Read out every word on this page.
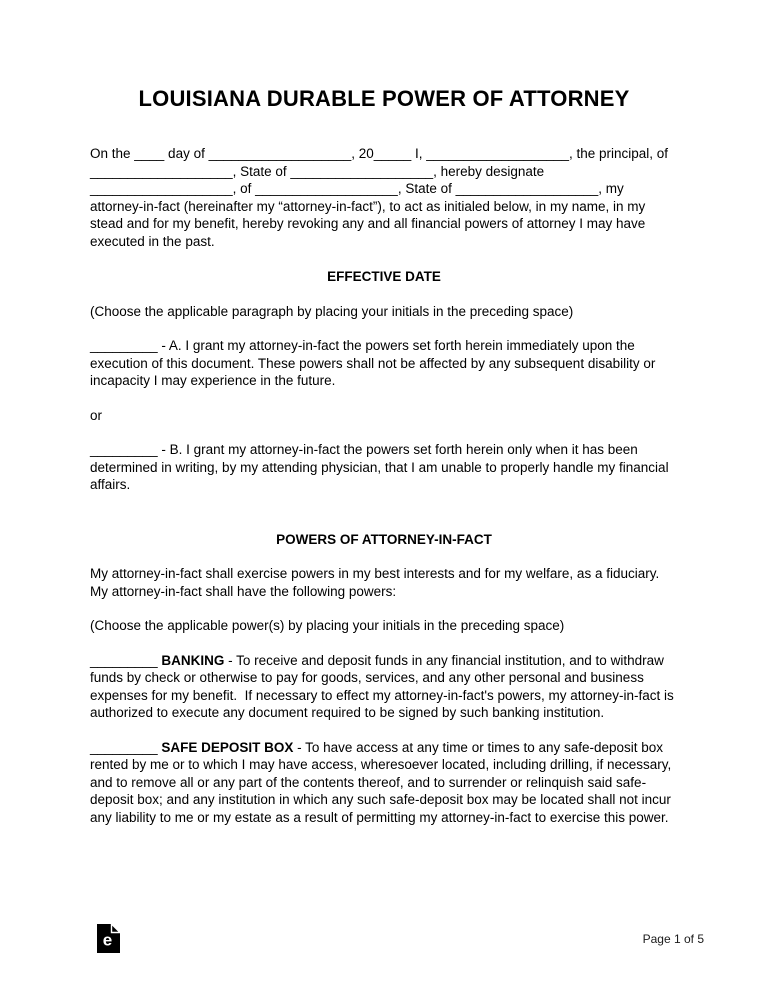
LOUISIANA DURABLE POWER OF ATTORNEY

On the ____ day of ___________________, 20_____ I, ___________________, the principal, of ___________________, State of ___________________, hereby designate ___________________, of ___________________, State of ___________________, my attorney-in-fact (hereinafter my “attorney-in-fact”), to act as initialed below, in my name, in my stead and for my benefit, hereby revoking any and all financial powers of attorney I may have executed in the past.

EFFECTIVE DATE

(Choose the applicable paragraph by placing your initials in the preceding space)

_________ - A. I grant my attorney-in-fact the powers set forth herein immediately upon the execution of this document. These powers shall not be affected by any subsequent disability or incapacity I may experience in the future.

or

_________ - B. I grant my attorney-in-fact the powers set forth herein only when it has been determined in writing, by my attending physician, that I am unable to properly handle my financial affairs.

POWERS OF ATTORNEY-IN-FACT

My attorney-in-fact shall exercise powers in my best interests and for my welfare, as a fiduciary. My attorney-in-fact shall have the following powers:

(Choose the applicable power(s) by placing your initials in the preceding space)

_________ BANKING - To receive and deposit funds in any financial institution, and to withdraw funds by check or otherwise to pay for goods, services, and any other personal and business expenses for my benefit.  If necessary to effect my attorney-in-fact's powers, my attorney-in-fact is authorized to execute any document required to be signed by such banking institution.

_________ SAFE DEPOSIT BOX - To have access at any time or times to any safe-deposit box rented by me or to which I may have access, wheresoever located, including drilling, if necessary, and to remove all or any part of the contents thereof, and to surrender or relinquish said safe-deposit box; and any institution in which any such safe-deposit box may be located shall not incur any liability to me or my estate as a result of permitting my attorney-in-fact to exercise this power.

e	Page 1 of 5
